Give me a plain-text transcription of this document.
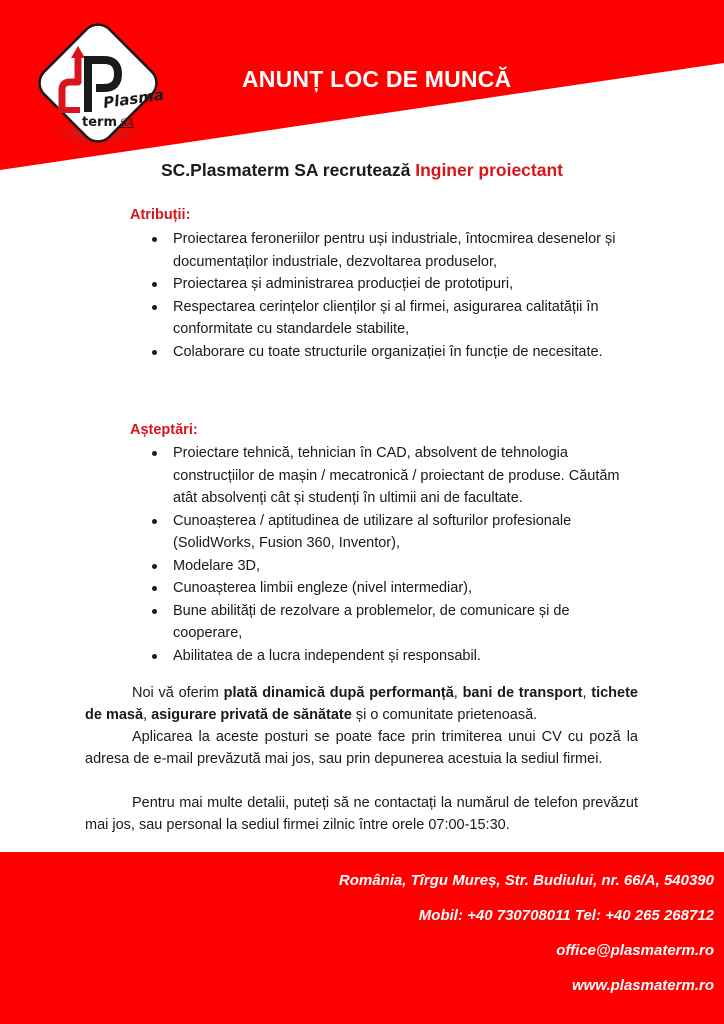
Plasma
term SA
ANUNȚ LOC DE MUNCĂ
SC.Plasmaterm SA recrutează Inginer proiectant
Atribuții:
Proiectarea feroneriilor pentru uși industriale, întocmirea desenelor și documentaților industriale, dezvoltarea produselor,
Proiectarea și administrarea producției de prototipuri,
Respectarea cerințelor clienților și al firmei, asigurarea calitatății în conformitate cu standardele stabilite,
Colaborare cu toate structurile organizației în funcție de necesitate.
Așteptări:
Proiectare tehnică, tehnician în CAD, absolvent de tehnologia construcțiilor de mașin / mecatronică / proiectant de produse. Căutăm atât absolvenți cât și studenți în ultimii ani de facultate.
Cunoașterea / aptitudinea de utilizare al softurilor profesionale (SolidWorks, Fusion 360, Inventor),
Modelare 3D,
Cunoașterea limbii engleze (nivel intermediar),
Bune abilități de rezolvare a problemelor, de comunicare și de cooperare,
Abilitatea de a lucra independent și responsabil.

Noi vă oferim plată dinamică după performanță, bani de transport, tichete de masă, asigurare privată de sănătate și o comunitate prietenoasă.

Aplicarea la aceste posturi se poate face prin trimiterea unui CV cu poză la adresa de e-mail prevăzută mai jos, sau prin depunerea acestuia la sediul firmei.

Pentru mai multe detalii, puteți să ne contactați la numărul de telefon prevăzut mai jos, sau personal la sediul firmei zilnic între orele 07:00-15:30.

România, Tîrgu Mureș, Str. Budiului, nr. 66/A, 540390
Mobil: +40 730708011 Tel: +40 265 268712
office@plasmaterm.ro
www.plasmaterm.ro
